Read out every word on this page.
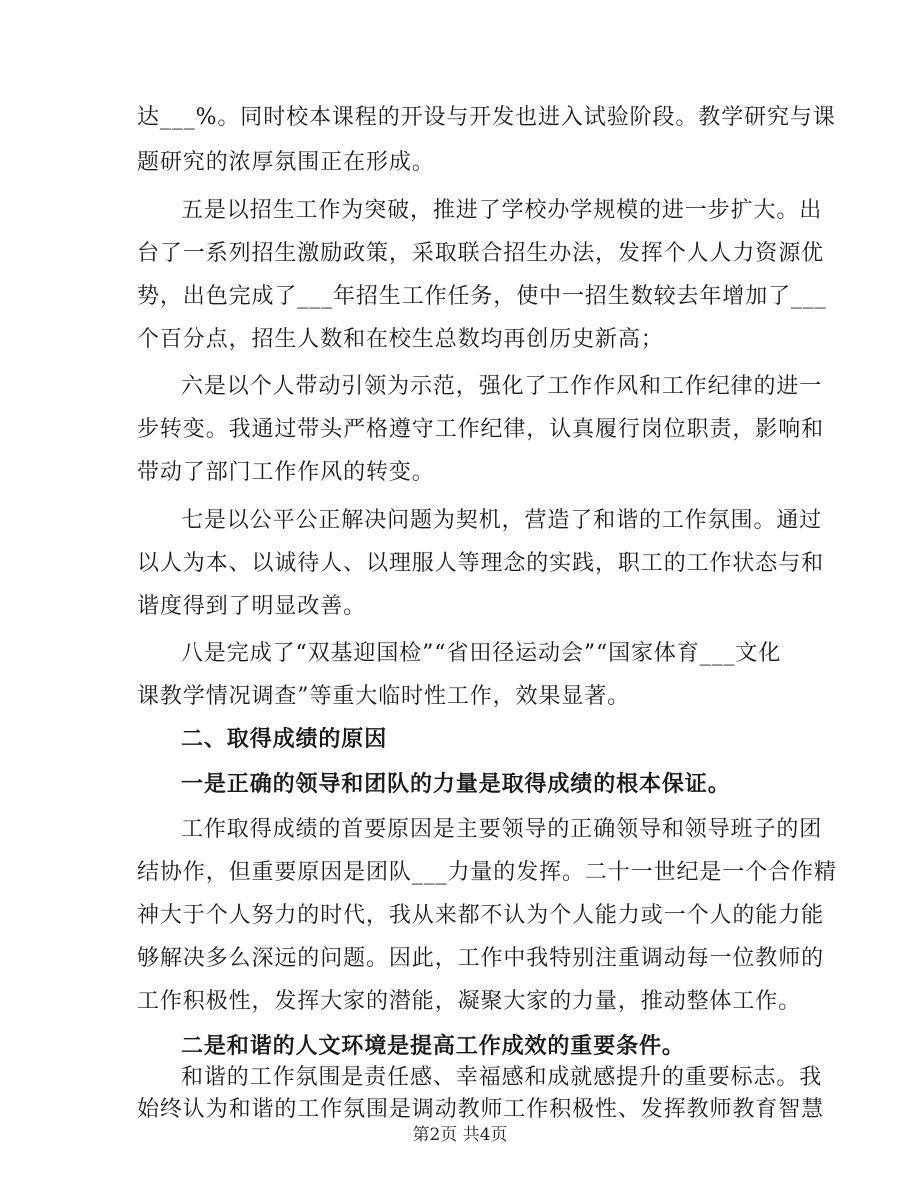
达___%。同时校本课程的开设与开发也进入试验阶段。教学研究与课
题研究的浓厚氛围正在形成。
五是以招生工作为突破，推进了学校办学规模的进一步扩大。出
台了一系列招生激励政策，采取联合招生办法，发挥个人人力资源优
势，出色完成了___年招生工作任务，使中一招生数较去年增加了___
个百分点，招生人数和在校生总数均再创历史新高；
六是以个人带动引领为示范，强化了工作作风和工作纪律的进一
步转变。我通过带头严格遵守工作纪律，认真履行岗位职责，影响和
带动了部门工作作风的转变。
七是以公平公正解决问题为契机，营造了和谐的工作氛围。通过
以人为本、以诚待人、以理服人等理念的实践，职工的工作状态与和
谐度得到了明显改善。
八是完成了“双基迎国检”“省田径运动会”“国家体育___文化
课教学情况调查”等重大临时性工作，效果显著。
二、取得成绩的原因
一是正确的领导和团队的力量是取得成绩的根本保证。
工作取得成绩的首要原因是主要领导的正确领导和领导班子的团
结协作，但重要原因是团队___力量的发挥。二十一世纪是一个合作精
神大于个人努力的时代，我从来都不认为个人能力或一个人的能力能
够解决多么深远的问题。因此，工作中我特别注重调动每一位教师的
工作积极性，发挥大家的潜能，凝聚大家的力量，推动整体工作。
二是和谐的人文环境是提高工作成效的重要条件。
第2页 共4页
和谐的工作氛围是责任感、幸福感和成就感提升的重要标志。我
始终认为和谐的工作氛围是调动教师工作积极性、发挥教师教育智慧
